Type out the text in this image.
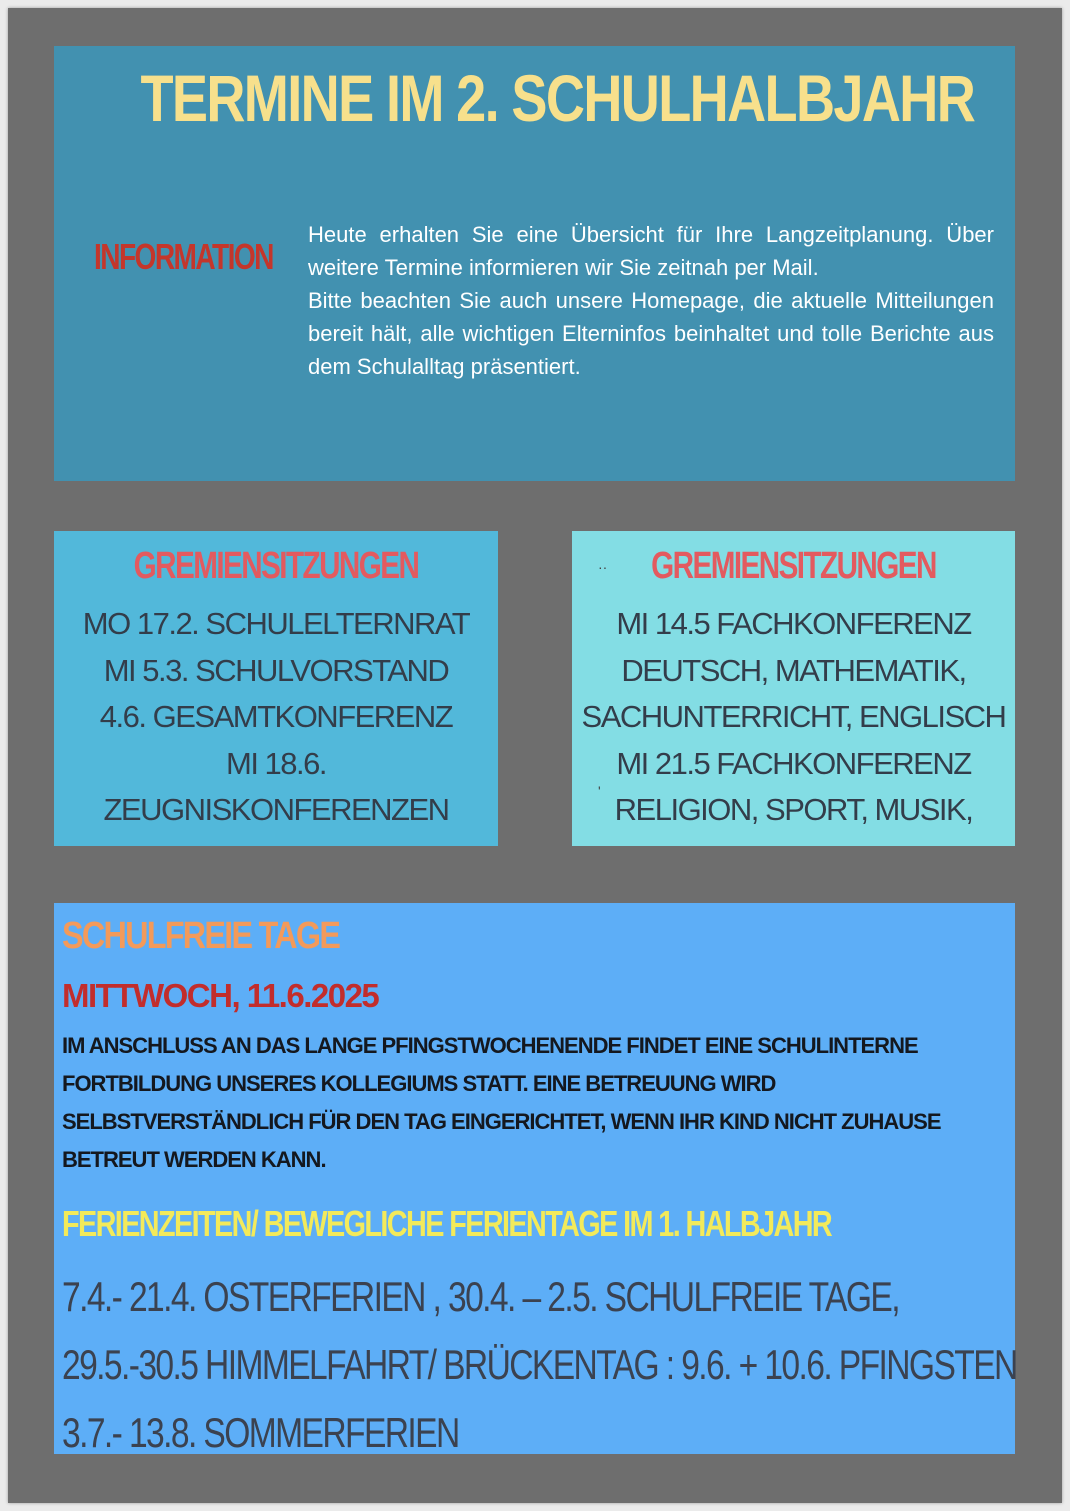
TERMINE IM 2. SCHULHALBJAHR
INFORMATION

Heute erhalten Sie eine Übersicht für Ihre Langzeitplanung. Über weitere Termine informieren wir Sie zeitnah per Mail.

Bitte beachten Sie auch unsere Homepage, die aktuelle Mitteilungen bereit hält, alle wichtigen Elterninfos beinhaltet und tolle Berichte aus dem Schulalltag präsentiert.

GREMIENSITZUNGEN
MO 17.2. SCHULELTERNRAT
MI 5.3. SCHULVORSTAND
4.6. GESAMTKONFERENZ
MI 18.6.
ZEUGNISKONFERENZEN
··
'
GREMIENSITZUNGEN
MI 14.5 FACHKONFERENZ
DEUTSCH, MATHEMATIK,
SACHUNTERRICHT, ENGLISCH
MI 21.5 FACHKONFERENZ
RELIGION, SPORT, MUSIK,
SCHULFREIE TAGE
MITTWOCH, 11.6.2025

IM ANSCHLUSS AN DAS LANGE PFINGSTWOCHENENDE FINDET EINE SCHULINTERNE FORTBILDUNG UNSERES KOLLEGIUMS STATT. EINE BETREUUNG WIRD SELBSTVERSTÄNDLICH FÜR DEN TAG EINGERICHTET, WENN IHR KIND NICHT ZUHAUSE BETREUT WERDEN KANN.

FERIENZEITEN/ BEWEGLICHE FERIENTAGE IM 1. HALBJAHR
7.4.- 21.4. OSTERFERIEN , 30.4. – 2.5. SCHULFREIE TAGE,
29.5.-30.5 HIMMELFAHRT/ BRÜCKENTAG : 9.6. + 10.6. PFINGSTEN
3.7.- 13.8. SOMMERFERIEN
